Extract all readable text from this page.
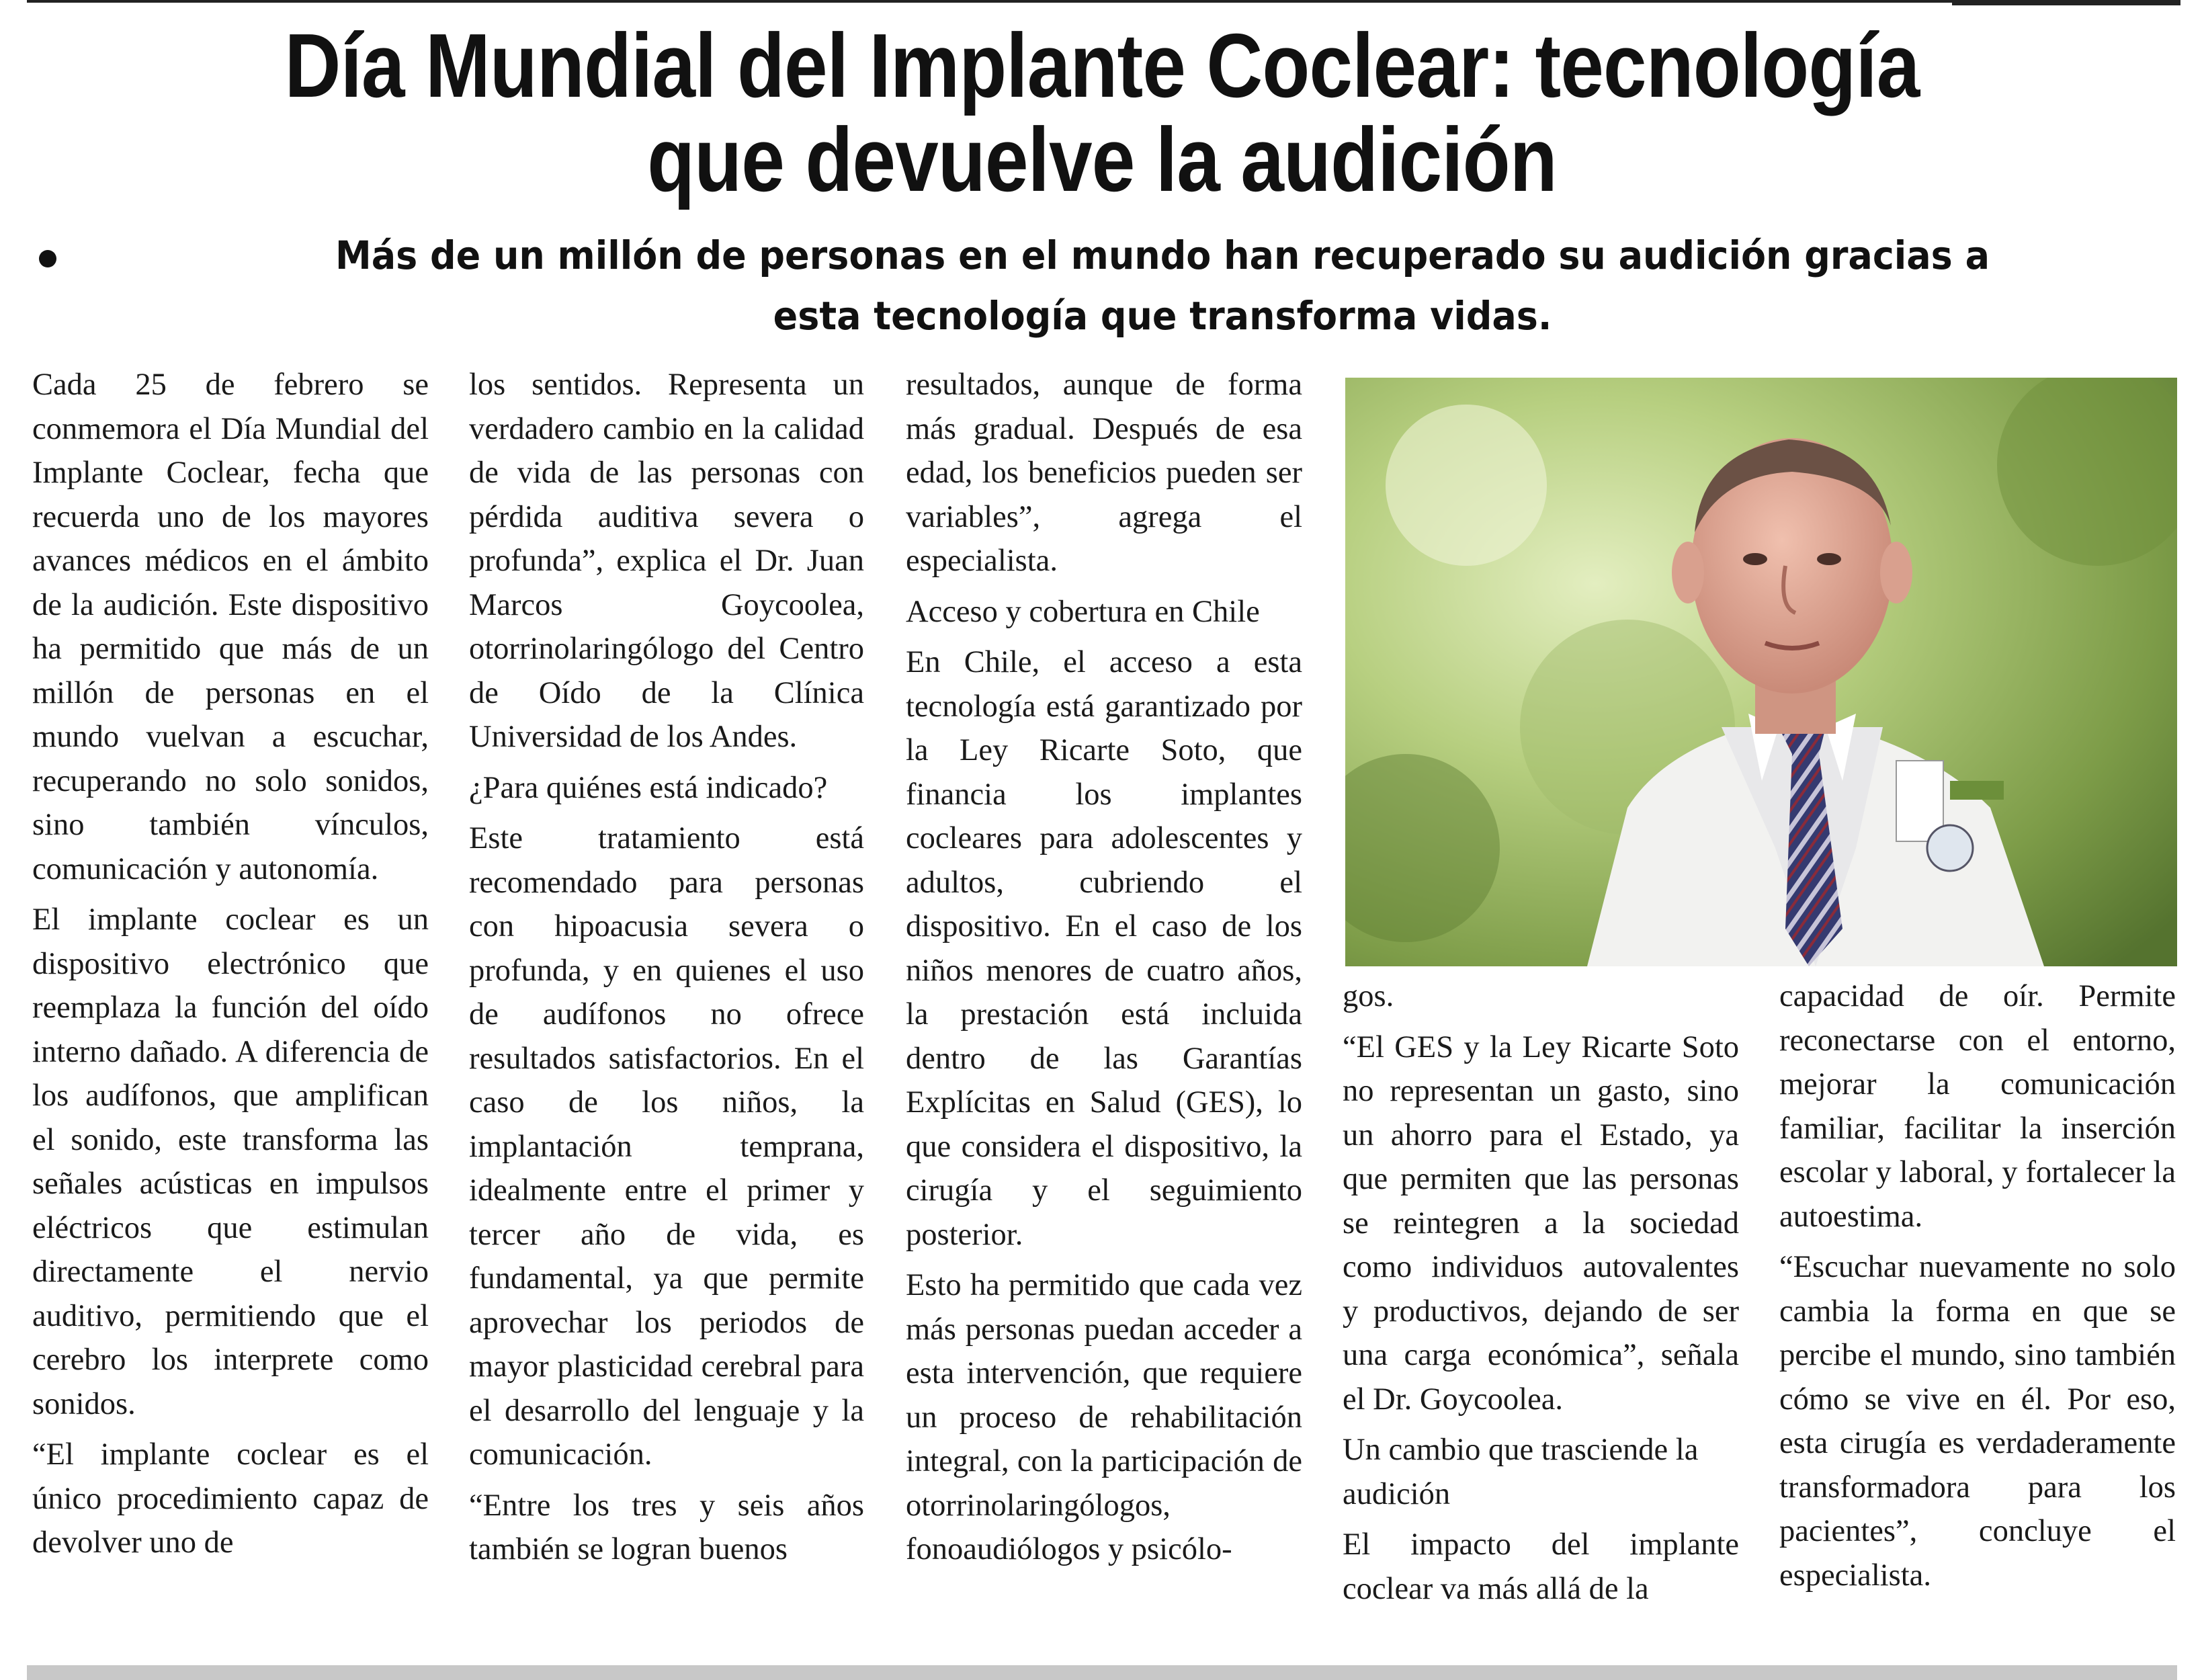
Día Mundial del Implante Coclear: tecnología que devuelve la audición
Más de un millón de personas en el mundo han recuperado su audición gracias a esta tecnología que transforma vidas.

Cada 25 de febrero se conmemora el Día Mundial del Implante Coclear, fecha que recuerda uno de los mayores avances médicos en el ámbito de la audición. Este dispositivo ha permitido que más de un millón de personas en el mundo vuelvan a escuchar, recuperando no solo sonidos, sino también vínculos, comunicación y autonomía.

El implante coclear es un dispositivo electrónico que reemplaza la función del oído interno dañado. A diferencia de los audífonos, que amplifican el sonido, este transforma las señales acústicas en impulsos eléctricos que estimulan directamente el nervio auditivo, permitiendo que el cerebro los interprete como sonidos.

“El implante coclear es el único procedimiento capaz de devolver uno de

los sentidos. Representa un verdadero cambio en la calidad de vida de las personas con pérdida auditiva severa o profunda”, explica el Dr. Juan Marcos Goycoolea, otorrinolaringólogo del Centro de Oído de la Clínica Universidad de los Andes.

¿Para quiénes está indicado?

Este tratamiento está recomendado para personas con hipoacusia severa o profunda, y en quienes el uso de audífonos no ofrece resultados satisfactorios. En el caso de los niños, la implantación temprana, idealmente entre el primer y tercer año de vida, es fundamental, ya que permite aprovechar los periodos de mayor plasticidad cerebral para el desarrollo del lenguaje y la comunicación.

“Entre los tres y seis años también se logran buenos

resultados, aunque de forma más gradual. Después de esa edad, los beneficios pueden ser variables”, agrega el especialista.

Acceso y cobertura en Chile

En Chile, el acceso a esta tecnología está garantizado por la Ley Ricarte Soto, que financia los implantes cocleares para adolescentes y adultos, cubriendo el dispositivo. En el caso de los niños menores de cuatro años, la prestación está incluida dentro de las Garantías Explícitas en Salud (GES), lo que considera el dispositivo, la cirugía y el seguimiento posterior.

Esto ha permitido que cada vez más personas puedan acceder a esta intervención, que requiere un proceso de rehabilitación integral, con la participación de otorrinolaringólogos, fonoaudiólogos y psicólo-

gos.

“El GES y la Ley Ricarte Soto no representan un gasto, sino un ahorro para el Estado, ya que permiten que las personas se reintegren a la sociedad como individuos autovalentes y productivos, dejando de ser una carga económica”, señala el Dr. Goycoolea.

Un cambio que trasciende la audición

El impacto del implante coclear va más allá de la

capacidad de oír. Permite reconectarse con el entorno, mejorar la comunicación familiar, facilitar la inserción escolar y laboral, y fortalecer la autoestima.

“Escuchar nuevamente no solo cambia la forma en que se percibe el mundo, sino también cómo se vive en él. Por eso, esta cirugía es verdaderamente transformadora para los pacientes”, concluye el especialista.
